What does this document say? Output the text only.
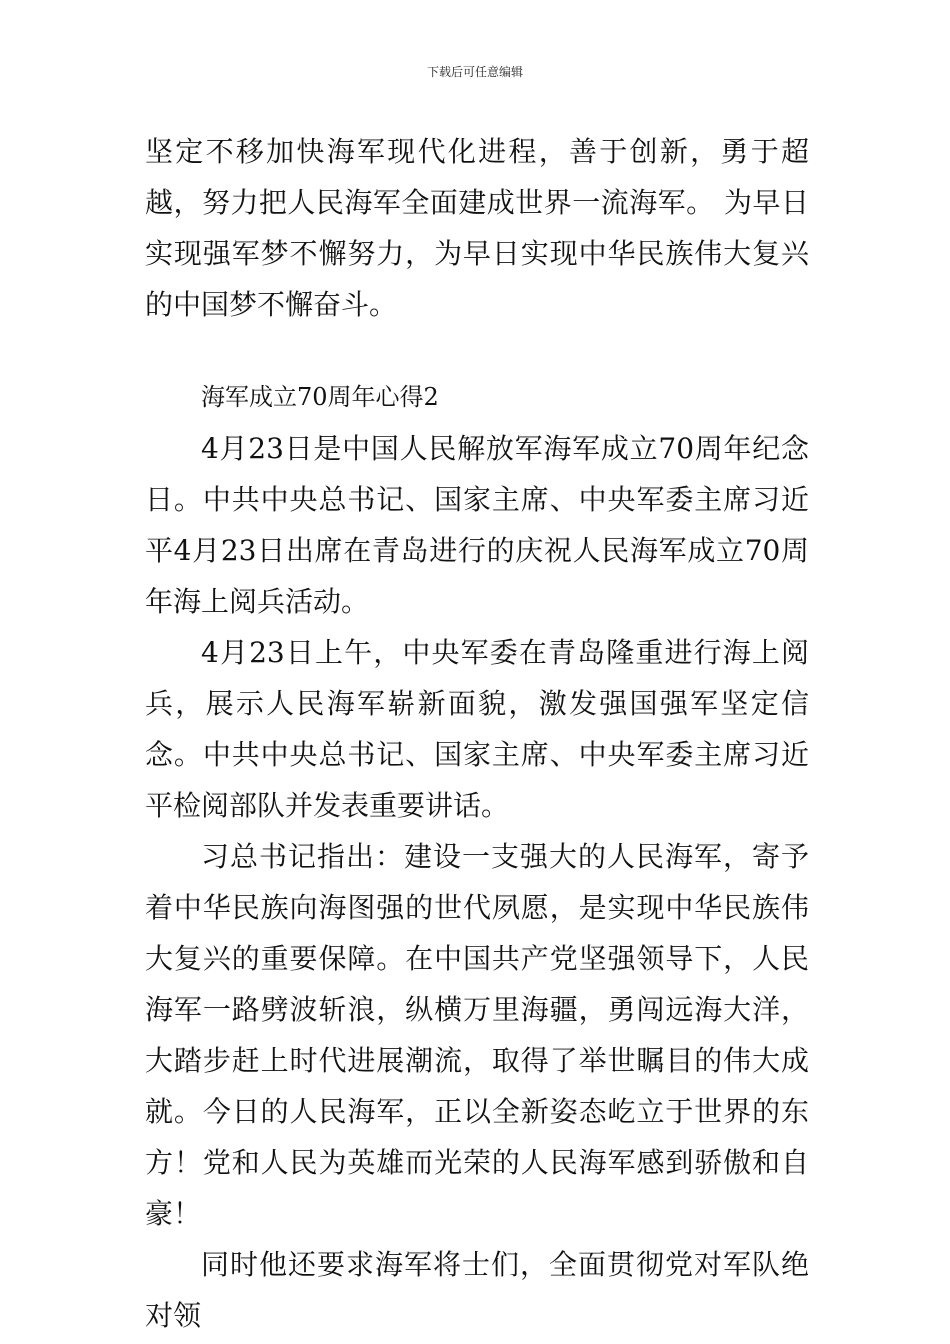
下载后可任意编辑

坚定不移加快海军现代化进程，善于创新，勇于超越，努力把人民海军全面建成世界一流海军。 为早日实现强军梦不懈努力，为早日实现中华民族伟大复兴的中国梦不懈奋斗。

海军成立70周年心得2

4月23日是中国人民解放军海军成立70周年纪念日。中共中央总书记、国家主席、中央军委主席习近平4月23日出席在青岛进行的庆祝人民海军成立70周年海上阅兵活动。

4月23日上午，中央军委在青岛隆重进行海上阅兵，展示人民海军崭新面貌，激发强国强军坚定信念。中共中央总书记、国家主席、中央军委主席习近平检阅部队并发表重要讲话。

习总书记指出：建设一支强大的人民海军，寄予着中华民族向海图强的世代夙愿，是实现中华民族伟大复兴的重要保障。在中国共产党坚强领导下，人民海军一路劈波斩浪，纵横万里海疆，勇闯远海大洋，大踏步赶上时代进展潮流，取得了举世瞩目的伟大成就。今日的人民海军，正以全新姿态屹立于世界的东方！党和人民为英雄而光荣的人民海军感到骄傲和自豪！

同时他还要求海军将士们，全面贯彻党对军队绝对领
